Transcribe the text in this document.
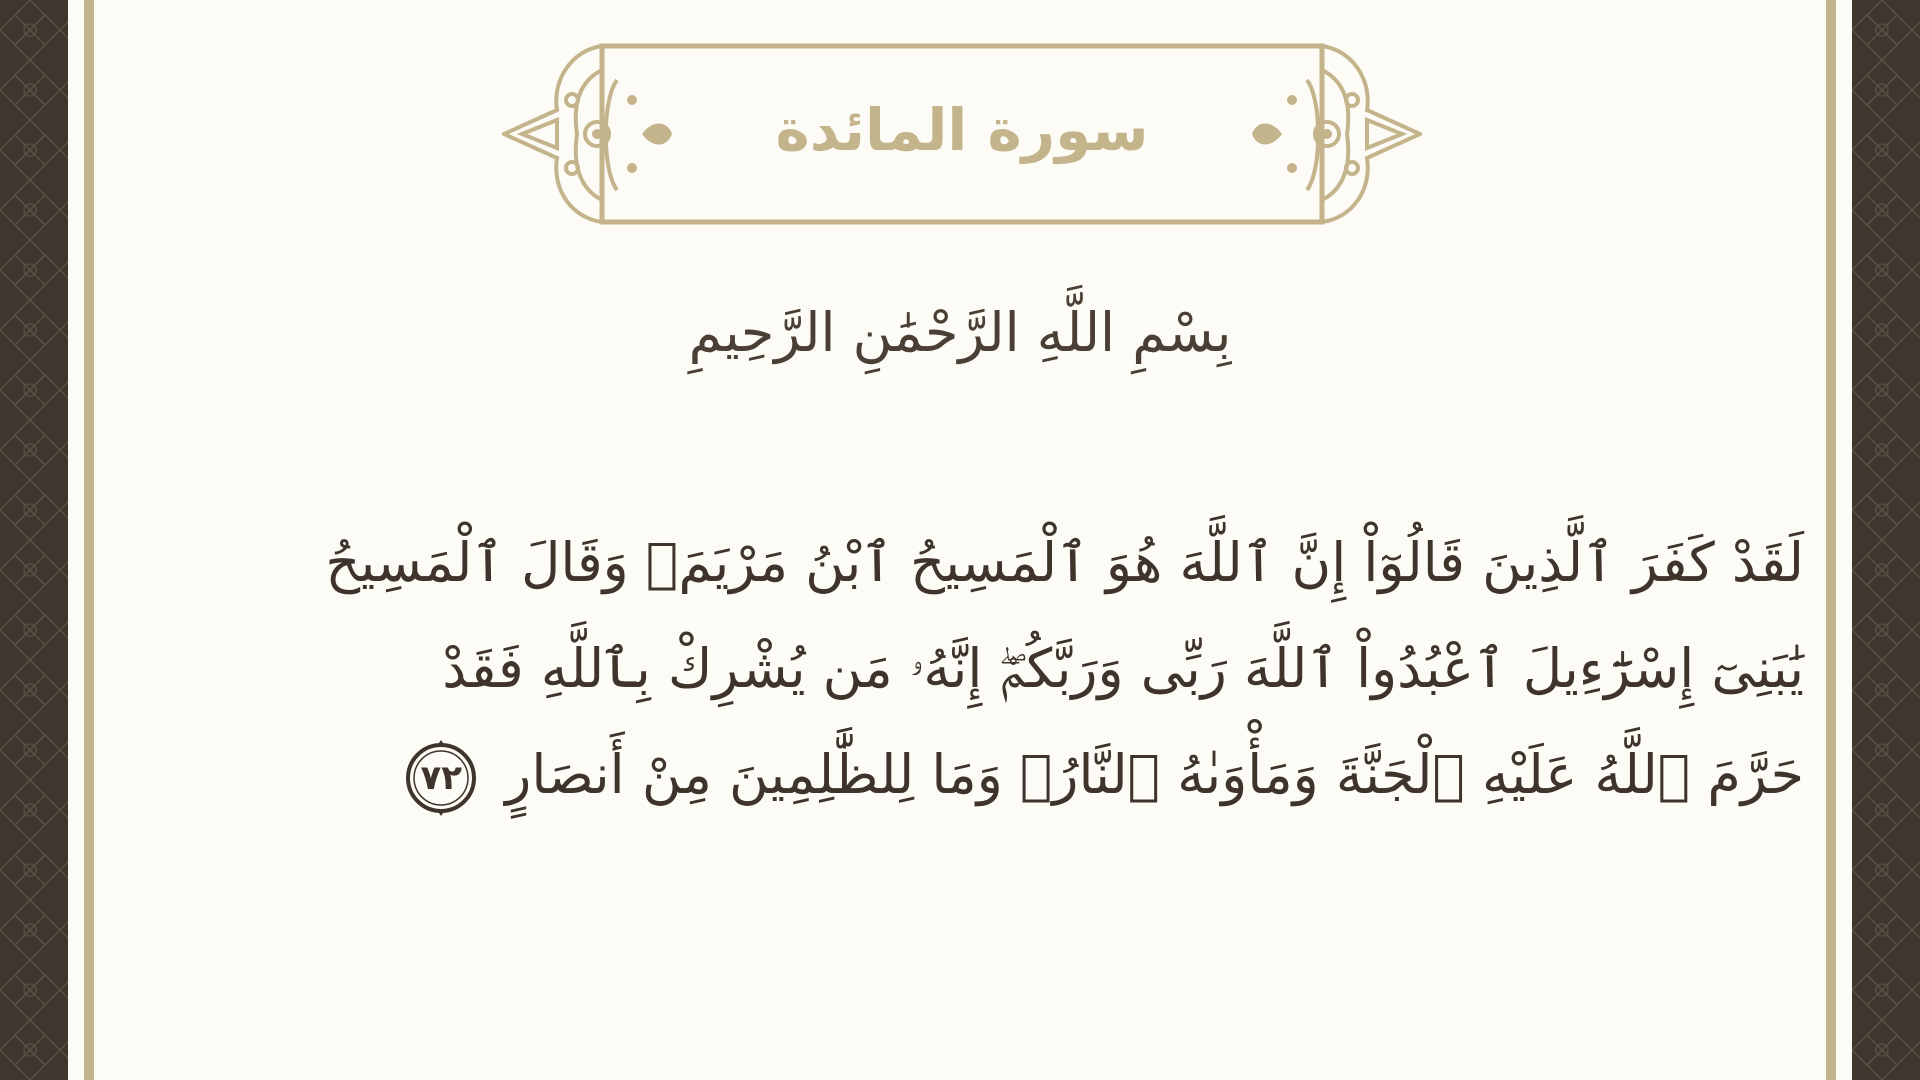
سورة المائدة
بِسْمِ اللَّهِ الرَّحْمَٰنِ الرَّحِيمِ
لَقَدْ كَفَرَ ٱلَّذِينَ قَالُوٓاْ إِنَّ ٱللَّهَ هُوَ ٱلْمَسِيحُ ٱبْنُ مَرْيَمَۖ وَقَالَ ٱلْمَسِيحُ
يَٰبَنِىٓ إِسْرَٰٓءِيلَ ٱعْبُدُواْ ٱللَّهَ رَبِّى وَرَبَّكُمْۖ إِنَّهُۥ مَن يُشْرِكْ بِٱللَّهِ فَقَدْ
حَرَّمَ ٱللَّهُ عَلَيْهِ ٱلْجَنَّةَ وَمَأْوَىٰهُ ٱلنَّارُۖ وَمَا لِلظَّٰلِمِينَ مِنْ أَنصَارٍ
٧٢
